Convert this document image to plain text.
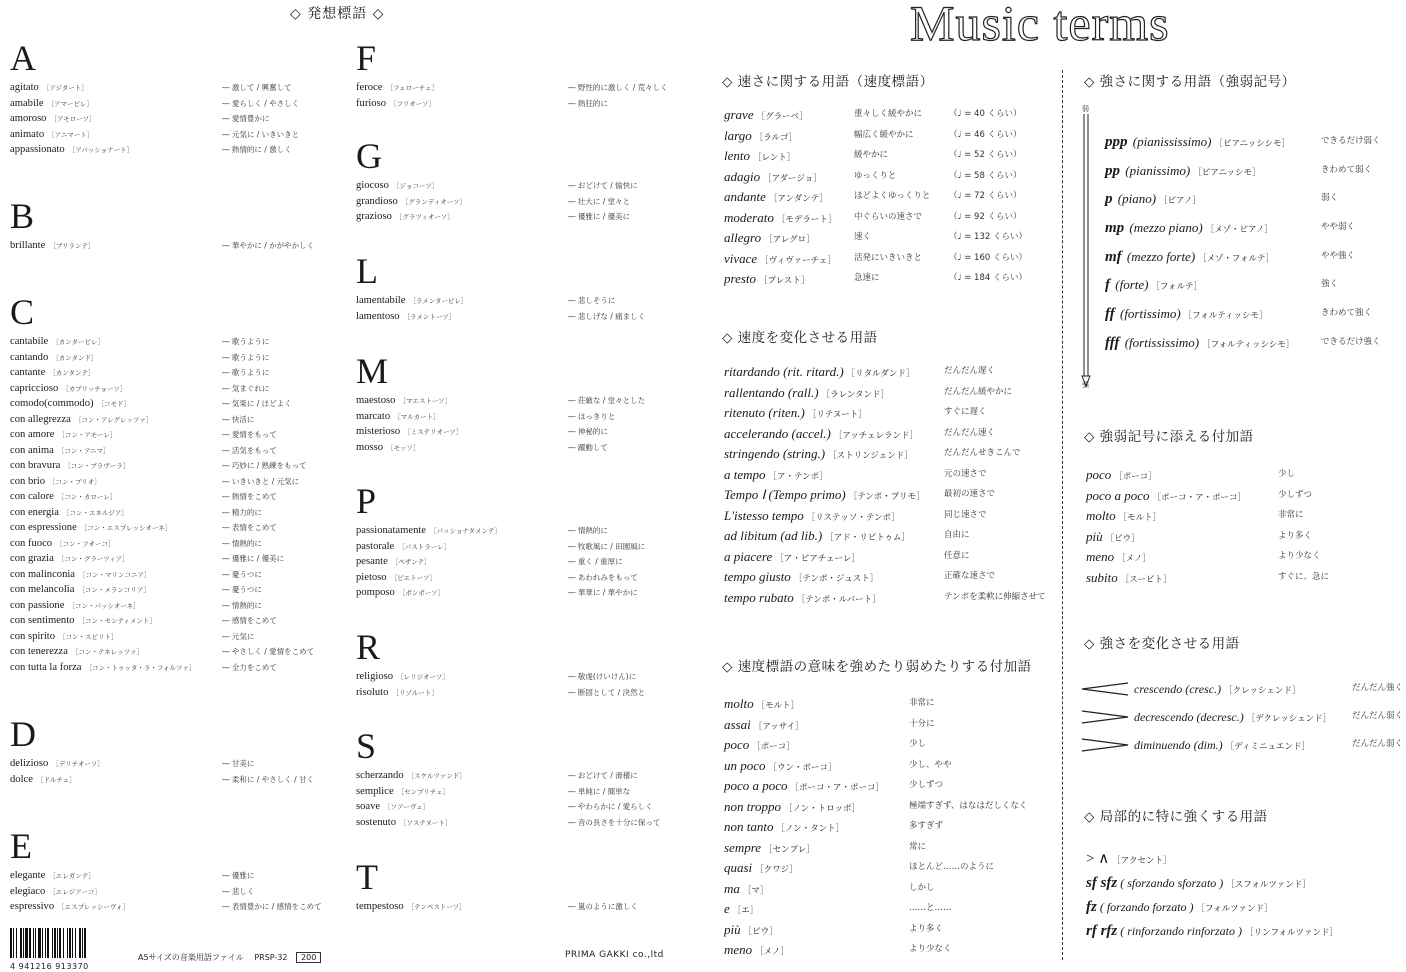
◇ 発想標語 ◇
A
agitato ［アジタート］	― 激して / 興奮して
amabile ［アマービレ］	― 愛らしく / やさしく
amoroso ［アモローソ］	― 愛情豊かに
animato ［アニマート］	― 元気に / いきいきと
appassionato ［アパッショナート］	― 熱情的に / 激しく
B
brillante ［ブリランテ］	― 華やかに / かがやかしく
C
cantabile ［カンタービレ］	― 歌うように
cantando ［カンタンド］	― 歌うように
cantante ［カンタンテ］	― 歌うように
capriccioso ［カプリッチョーソ］	― 気まぐれに
comodo(commodo) ［コモド］	― 気楽に / ほどよく
con allegrezza ［コン・アレグレッツァ］	― 快活に
con amore ［コン・アモーレ］	― 愛情をもって
con anima ［コン・アニマ］	― 活気をもって
con bravura ［コン・ブラヴーラ］	― 巧妙に / 熟練をもって
con brio ［コン・ブリオ］	― いきいきと / 元気に
con calore ［コン・カローレ］	― 熱情をこめて
con energia ［コン・エネルジア］	― 精力的に
con espressione ［コン・エスプレッシオーネ］	― 表情をこめて
con fuoco ［コン・フオーコ］	― 情熱的に
con grazia ［コン・グラーツィア］	― 優雅に / 優美に
con malinconia ［コン・マリンコニア］	― 憂うつに
con melancolia ［コン・メランコリア］	― 憂うつに
con passione ［コン・パッシオーネ］	― 情熱的に
con sentimento ［コン・センティメント］	― 感情をこめて
con spirito ［コン・スピリト］	― 元気に
con tenerezza ［コン・テネレッツァ］	― やさしく / 愛情をこめて
con tutta la forza ［コン・トゥッタ・ラ・フォルツァ］	― 全力をこめて
D
delizioso ［デリチオーソ］	― 甘美に
dolce ［ドルチェ］	― 柔和に / やさしく / 甘く
E
elegante ［エレガンテ］	― 優雅に
elegiaco ［エレジアーコ］	― 悲しく
espressivo ［エスプレッシーヴォ］	― 表情豊かに / 感情をこめて
F
feroce ［フェローチェ］	― 野性的に激しく / 荒々しく
furioso ［フリオーソ］	― 熱狂的に
G
giocoso ［ジョコーソ］	― おどけて / 愉快に
grandioso ［グランディオーソ］	― 壮大に / 堂々と
grazioso ［グラツィオーソ］	― 優雅に / 優美に
L
lamentabile ［ラメンタービレ］	― 悲しそうに
lamentoso ［ラメントーソ］	― 悲しげな / 痛ましく
M
maestoso ［マエストーソ］	― 荘厳な / 堂々とした
marcato ［マルカート］	― はっきりと
misterioso ［ミステリオーソ］	― 神秘的に
mosso ［モッソ］	― 躍動して
P
passionatamente ［パッショナタメンテ］	― 情熱的に
pastorale ［パストラーレ］	― 牧歌風に / 田園風に
pesante ［ペザンテ］	― 重く / 重厚に
pietoso ［ピエトーソ］	― あわれみをもって
pomposo ［ポンポーソ］	― 華華に / 華やかに
R
religioso ［レリジオーソ］	― 敬虔(けいけん)に
risoluto ［リゾルート］	― 断固として / 決然と
S
scherzando ［スケルツァンド］	― おどけて / 滑稽に
semplice ［センプリチェ］	― 単純に / 簡単な
soave ［ソアーヴェ］	― やわらかに / 愛らしく
sostenuto ［ソステヌート］	― 音の長さを十分に保って
T
tempestoso ［テンペストーソ］	― 嵐のように激しく
Music terms
◇ 速さに関する用語（速度標語）
grave ［グラーベ］	重々しく緩やかに	（♩ = 40 くらい）
largo ［ラルゴ］	幅広く緩やかに	（♩ = 46 くらい）
lento ［レント］	緩やかに	（♩ = 52 くらい）
adagio ［アダージョ］	ゆっくりと	（♩ = 58 くらい）
andante ［アンダンテ］	ほどよくゆっくりと （♩ = 72 くらい）
moderato ［モデラート］ 中ぐらいの速さで	（♩ = 92 くらい）
allegro ［アレグロ］	速く	（♩ = 132 くらい）
vivace ［ヴィヴァーチェ］ 活発にいきいきと	（♩ = 160 くらい）
presto ［プレスト］	急速に	（♩ = 184 くらい）
◇ 速度を変化させる用語
ritardando (rit. ritard.) ［リタルダンド］	だんだん遅く
rallentando (rall.) ［ラレンタンド］	だんだん緩やかに
ritenuto (riten.) ［リテヌート］	すぐに遅く
accelerando (accel.) ［アッチェレランド］	だんだん速く
stringendo (string.) ［ストリンジェンド］	だんだんせきこんで
a tempo ［ア・テンポ］	元の速さで
Tempo Ⅰ (Tempo primo) ［テンポ・プリモ］ 最初の速さで
L'istesso tempo ［リステッソ・テンポ］	同じ速さで
ad libitum (ad lib.) ［アド・リビトゥム］	自由に
a piacere ［ア・ピアチェーレ］	任意に
tempo giusto ［テンポ・ジュスト］	正確な速さで
tempo rubato ［テンポ・ルバート］	テンポを柔軟に伸縮させて
◇ 速度標語の意味を強めたり弱めたりする付加語
molto ［モルト］	非常に
assai ［アッサイ］	十分に
poco ［ポーコ］	少し
un poco ［ウン・ポーコ］	少し、やや
poco a poco ［ポーコ・ア・ポーコ］	少しずつ
non troppo ［ノン・トロッポ］	極端すぎず、はなはだしくなく
non tanto ［ノン・タント］	多すぎず
sempre ［センプレ］	常に
quasi ［クワジ］	ほとんど……のように
ma ［マ］	しかし
e ［エ］	……と……
più ［ピウ］	より多く
meno ［メノ］	より少なく
◇ 強さに関する用語（強弱記号）
弱
強
ppp (pianississimo) ［ピアニッシシモ］	できるだけ弱く
pp (pianissimo) ［ピアニッシモ］	きわめて弱く
p (piano) ［ピアノ］	弱く
mp (mezzo piano) ［メゾ・ピアノ］	やや弱く
mf (mezzo forte) ［メゾ・フォルテ］	やや強く
f (forte) ［フォルテ］	強く
ff (fortissimo) ［フォルティッシモ］	きわめて強く
fff (fortississimo) ［フォルティッシシモ］	できるだけ強く
◇ 強弱記号に添える付加語
poco ［ポーコ］	少し
poco a poco ［ポーコ・ア・ポーコ］	少しずつ
molto ［モルト］	非常に
più ［ピウ］	より多く
meno ［メノ］	より少なく
subito ［スービト］	すぐに、急に
◇ 強さを変化させる用語
crescendo (cresc.) ［クレッシェンド］	だんだん強く
decrescendo (decresc.) ［デクレッシェンド］ だんだん弱く
diminuendo (dim.) ［ディミニュエンド］	だんだん弱く
◇ 局部的に特に強くする用語
> ∧ ［アクセント］
sf sfz ( sforzando sforzato ) ［スフォルツァンド］
fz ( forzando forzato ) ［フォルツァンド］
rf rfz ( rinforzando rinforzato ) ［リンフォルツァンド］
4 941216 913370
A5サイズの音楽用語ファイル PRSP-32 200	PRIMA GAKKI co.,ltd
